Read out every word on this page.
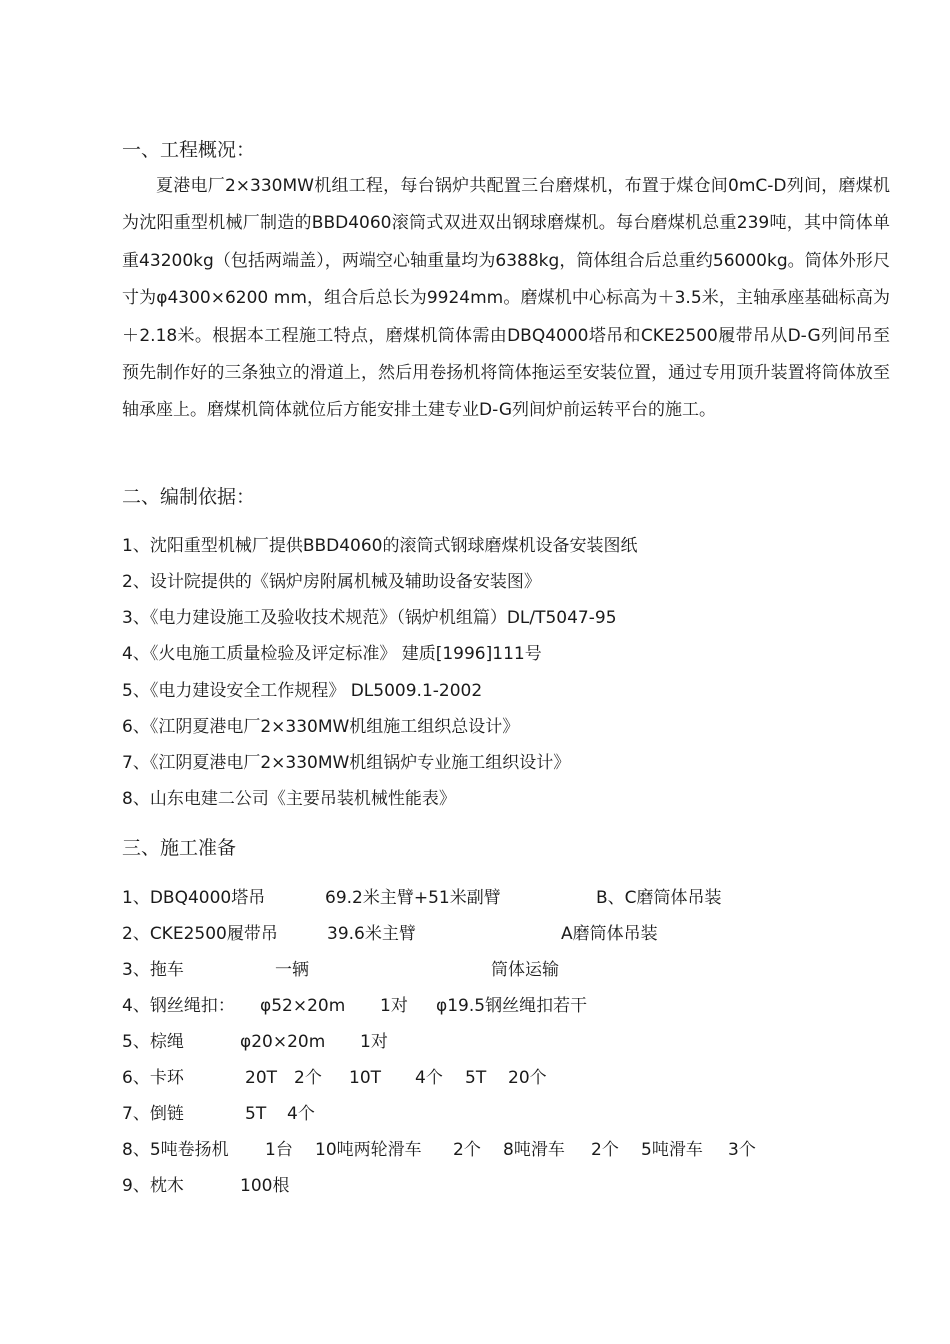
一、工程概况：

夏港电厂2×330MW机组工程，每台锅炉共配置三台磨煤机，布置于煤仓间0mC-D列间，磨煤机为沈阳重型机械厂制造的BBD4060滚筒式双进双出钢球磨煤机。每台磨煤机总重239吨，其中筒体单重43200kg（包括两端盖），两端空心轴重量均为6388kg，筒体组合后总重约56000kg。筒体外形尺寸为φ4300×6200 mm，组合后总长为9924mm。磨煤机中心标高为＋3.5米，主轴承座基础标高为＋2.18米。根据本工程施工特点，磨煤机筒体需由DBQ4000塔吊和CKE2500履带吊从D-G列间吊至预先制作好的三条独立的滑道上，然后用卷扬机将筒体拖运至安装位置，通过专用顶升装置将筒体放至轴承座上。磨煤机筒体就位后方能安排土建专业D-G列间炉前运转平台的施工。

二、编制依据：
1、沈阳重型机械厂提供BBD4060的滚筒式钢球磨煤机设备安装图纸
2、设计院提供的《锅炉房附属机械及辅助设备安装图》
3、《电力建设施工及验收技术规范》（锅炉机组篇）DL/T5047-95
4、《火电施工质量检验及评定标准》 建质[1996]111号
5、《电力建设安全工作规程》 DL5009.1-2002
6、《江阴夏港电厂2×330MW机组施工组织总设计》
7、《江阴夏港电厂2×330MW机组锅炉专业施工组织设计》
8、山东电建二公司《主要吊装机械性能表》
三、施工准备
1、DBQ4000塔吊	69.2米主臂+51米副臂	B、C磨筒体吊装
2、CKE2500履带吊	39.6米主臂	A磨筒体吊装
3、拖车	一辆	筒体运输
4、钢丝绳扣： φ52×20m 1对 φ19.5钢丝绳扣若干
5、棕绳	φ20×20m 1对
6、卡环	20T 2个 10T 4个 5T 20个
7、倒链	5T 4个
8、5吨卷扬机 1台 10吨两轮滑车 2个 8吨滑车 2个 5吨滑车 3个
9、枕木	100根
